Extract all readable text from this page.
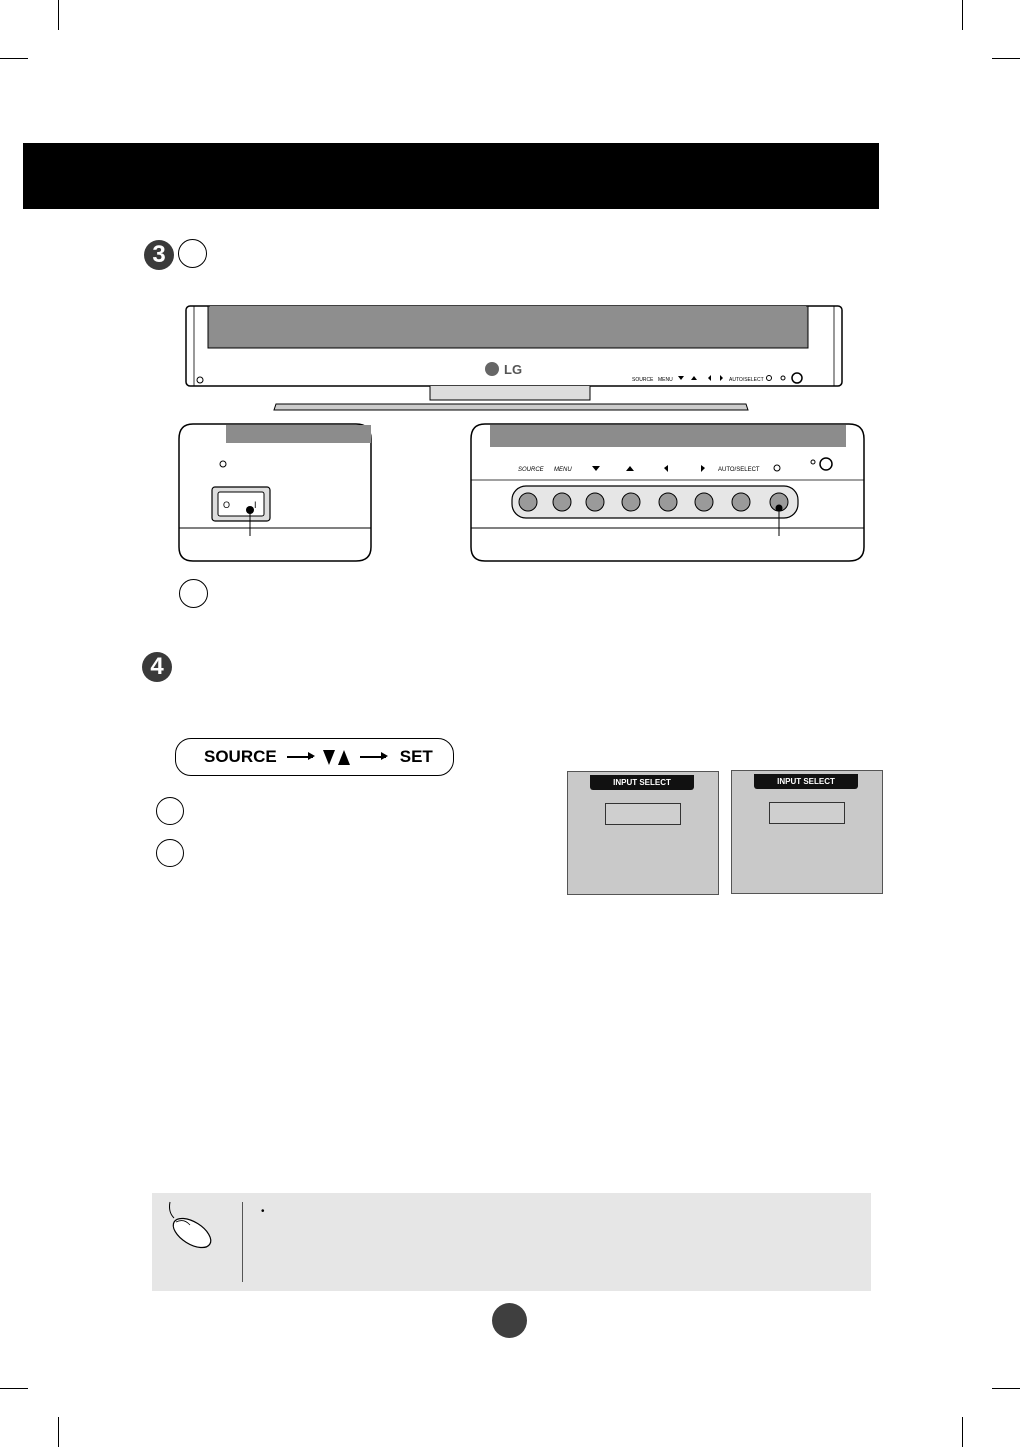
3
LG
SOURCE MENU	AUTO/SELECT
O	I
SOURCE MENU	AUTO/SELECT
4
SOURCE	SET
INPUT SELECT	INPUT SELECT
•
